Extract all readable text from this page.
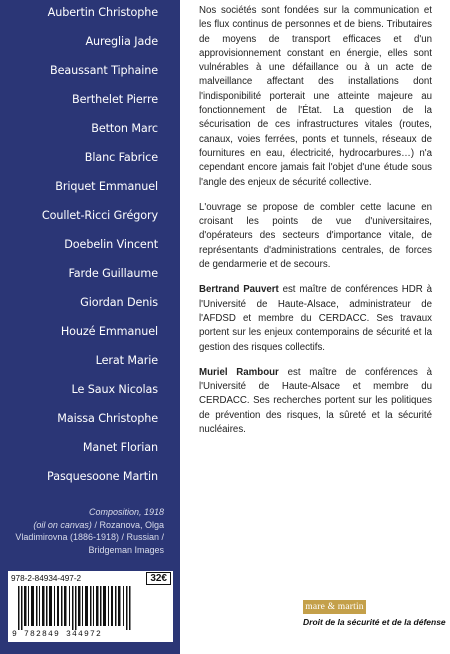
Aubertin Christophe
Aureglia Jade
Beaussant Tiphaine
Berthelet Pierre
Betton Marc
Blanc Fabrice
Briquet Emmanuel
Coullet-Ricci Grégory
Doebelin Vincent
Farde Guillaume
Giordan Denis
Houzé Emmanuel
Lerat Marie
Le Saux Nicolas
Maissa Christophe
Manet Florian
Pasquesoone Martin
Composition, 1918
(oil on canvas) / Rozanova, Olga Vladimirovna (1886-1918) / Russian / Bridgeman Images
978-2-84934-497-2	32€
9 782849 344972

Nos sociétés sont fondées sur la communication et les flux continus de personnes et de biens. Tributaires de moyens de transport efficaces et d'un approvisionnement constant en énergie, elles sont vulnérables à une défaillance ou à un acte de malveillance affectant des installations dont l'indisponibilité porterait une atteinte majeure au fonctionnement de l'État. La question de la sécurisation de ces infrastructures vitales (routes, canaux, voies ferrées, ponts et tunnels, réseaux de fournitures en eau, électricité, hydrocarbures…) n'a cependant encore jamais fait l'objet d'une étude sous l'angle des enjeux de sécurité collective.

L'ouvrage se propose de combler cette lacune en croisant les points de vue d'universitaires, d'opérateurs des secteurs d'importance vitale, de représentants d'administrations centrales, de forces de gendarmerie et de secours.

Bertrand Pauvert est maître de conférences HDR à l'Université de Haute-Alsace, administrateur de l'AFDSD et membre du CERDACC. Ses travaux portent sur les enjeux contemporains de sécurité et la gestion des risques collectifs.

Muriel Rambour est maître de conférences à l'Université de Haute-Alsace et membre du CERDACC. Ses recherches portent sur les politiques de prévention des risques, la sûreté et la sécurité nucléaires.

mare & martin
Droit de la sécurité et de la défense
